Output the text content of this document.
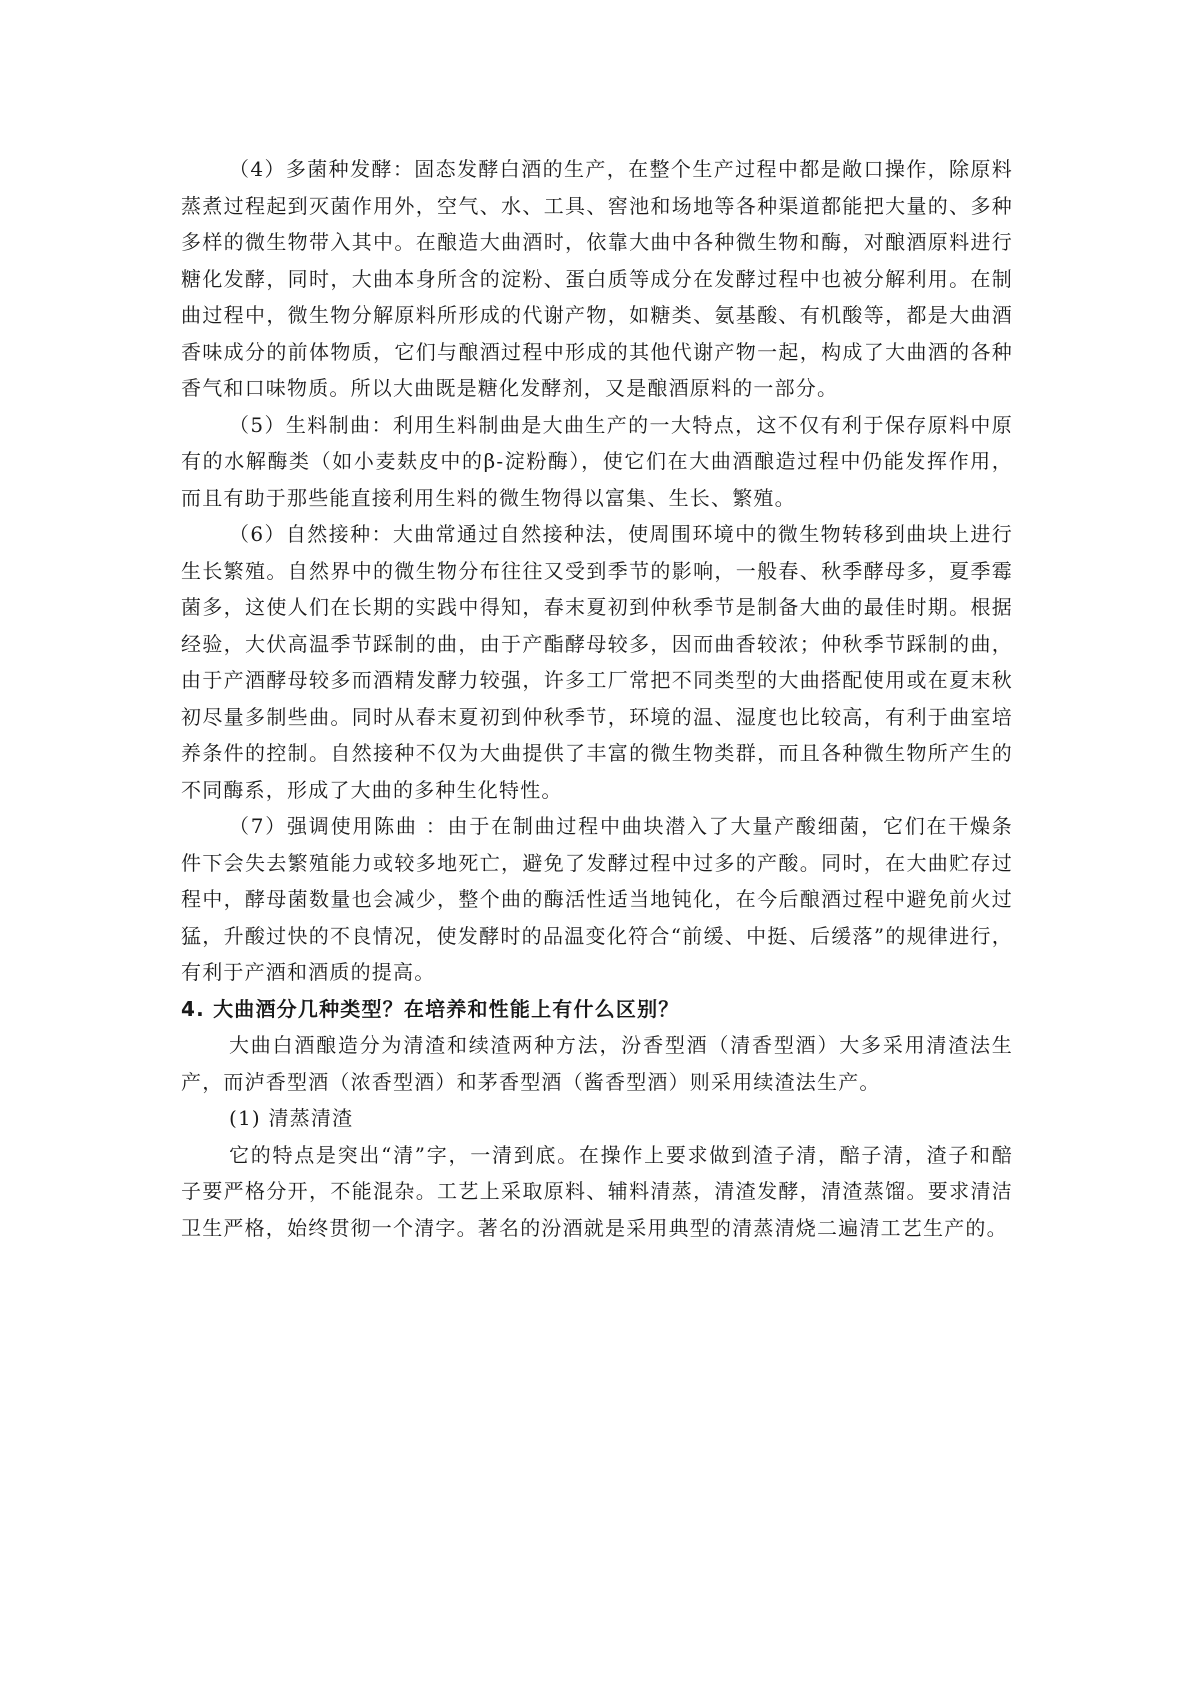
（4）多菌种发酵：固态发酵白酒的生产，在整个生产过程中都是敞口操作，除原料蒸煮过程起到灭菌作用外，空气、水、工具、窖池和场地等各种渠道都能把大量的、多种多样的微生物带入其中。在酿造大曲酒时，依靠大曲中各种微生物和酶，对酿酒原料进行糖化发酵，同时，大曲本身所含的淀粉、蛋白质等成分在发酵过程中也被分解利用。在制曲过程中，微生物分解原料所形成的代谢产物，如糖类、氨基酸、有机酸等，都是大曲酒香味成分的前体物质，它们与酿酒过程中形成的其他代谢产物一起，构成了大曲酒的各种香气和口味物质。所以大曲既是糖化发酵剂，又是酿酒原料的一部分。

（5）生料制曲：利用生料制曲是大曲生产的一大特点，这不仅有利于保存原料中原有的水解酶类（如小麦麸皮中的β-淀粉酶），使它们在大曲酒酿造过程中仍能发挥作用，而且有助于那些能直接利用生料的微生物得以富集、生长、繁殖。

（6）自然接种：大曲常通过自然接种法，使周围环境中的微生物转移到曲块上进行生长繁殖。自然界中的微生物分布往往又受到季节的影响，一般春、秋季酵母多，夏季霉菌多，这使人们在长期的实践中得知，春末夏初到仲秋季节是制备大曲的最佳时期。根据经验，大伏高温季节踩制的曲，由于产酯酵母较多，因而曲香较浓；仲秋季节踩制的曲，由于产酒酵母较多而酒精发酵力较强，许多工厂常把不同类型的大曲搭配使用或在夏末秋初尽量多制些曲。同时从春末夏初到仲秋季节，环境的温、湿度也比较高，有利于曲室培养条件的控制。自然接种不仅为大曲提供了丰富的微生物类群，而且各种微生物所产生的不同酶系，形成了大曲的多种生化特性。

（7）强调使用陈曲 ：由于在制曲过程中曲块潜入了大量产酸细菌，它们在干燥条件下会失去繁殖能力或较多地死亡，避免了发酵过程中过多的产酸。同时，在大曲贮存过程中，酵母菌数量也会减少，整个曲的酶活性适当地钝化，在今后酿酒过程中避免前火过猛，升酸过快的不良情况，使发酵时的品温变化符合“前缓、中挺、后缓落”的规律进行，有利于产酒和酒质的提高。

4. 大曲酒分几种类型？在培养和性能上有什么区别？

大曲白酒酿造分为清渣和续渣两种方法，汾香型酒（清香型酒）大多采用清渣法生产，而泸香型酒（浓香型酒）和茅香型酒（酱香型酒）则采用续渣法生产。

(1) 清蒸清渣

它的特点是突出“清”字，一清到底。在操作上要求做到渣子清，醅子清，渣子和醅子要严格分开，不能混杂。工艺上采取原料、辅料清蒸，清渣发酵，清渣蒸馏。要求清洁卫生严格，始终贯彻一个清字。著名的汾酒就是采用典型的清蒸清烧二遍清工艺生产的。
